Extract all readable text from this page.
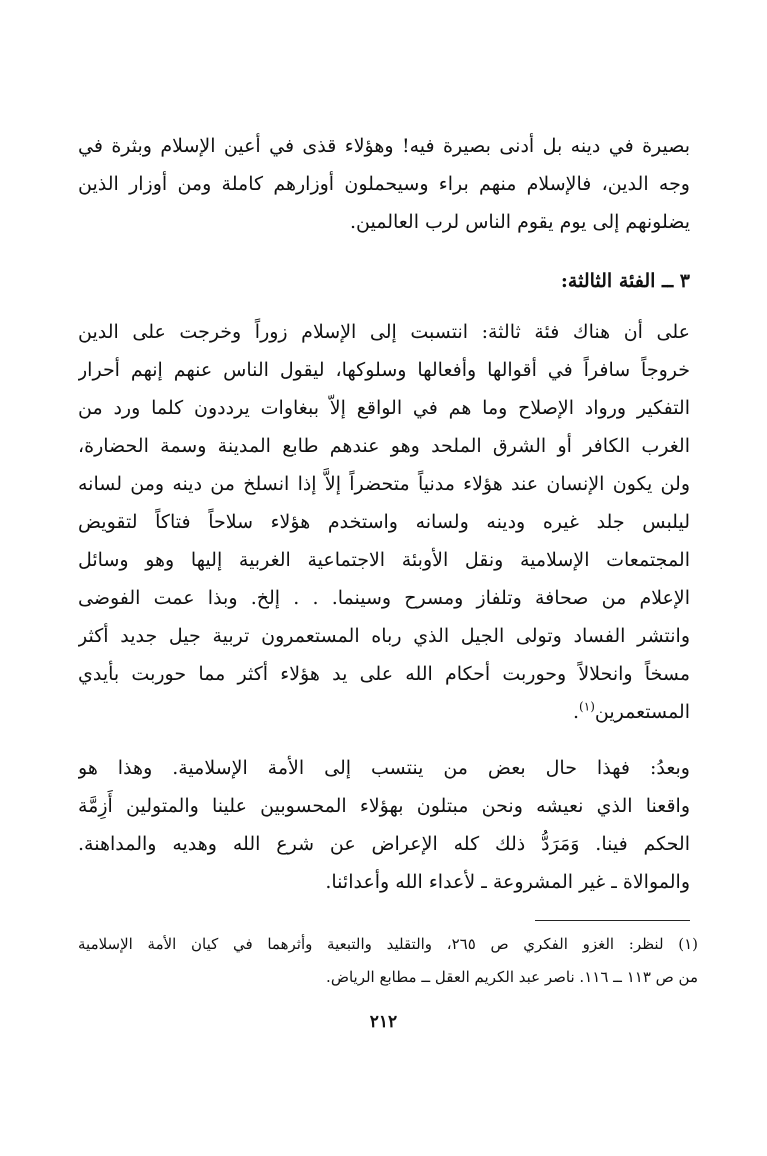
بصيرة في دينه بل أدنى بصيرة فيه! وهؤلاء قذى في أعين الإسلام وبثرة في
وجه الدين، فالإسلام منهم براء وسيحملون أوزارهم كاملة ومن أوزار الذين
يضلونهم إلى يوم يقوم الناس لرب العالمين.
٣ ــ الفئة الثالثة:
على أن هناك فئة ثالثة: انتسبت إلى الإسلام زوراً وخرجت على الدين
خروجاً سافراً في أقوالها وأفعالها وسلوكها، ليقول الناس عنهم إنهم أحرار
التفكير ورواد الإصلاح وما هم في الواقع إلاّ ببغاوات يرددون كلما ورد من
الغرب الكافر أو الشرق الملحد وهو عندهم طابع المدينة وسمة الحضارة،
ولن يكون الإنسان عند هؤلاء مدنياً متحضراً إلاَّ إذا انسلخ من دينه ومن لسانه
ليلبس جلد غيره ودينه ولسانه واستخدم هؤلاء سلاحاً فتاكاً لتقويض
المجتمعات الإسلامية ونقل الأوبئة الاجتماعية الغربية إليها وهو وسائل
الإعلام من صحافة وتلفاز ومسرح وسينما. . . إلخ. وبذا عمت الفوضى
وانتشر الفساد وتولى الجيل الذي رباه المستعمرون تربية جيل جديد أكثر
مسخاً وانحلالاً وحوربت أحكام الله على يد هؤلاء أكثر مما حوربت بأيدي
المستعمرين$^{(١)}$.
وبعدُ: فهذا حال بعض من ينتسب إلى الأمة الإسلامية. وهذا هو
واقعنا الذي نعيشه ونحن مبتلون بهؤلاء المحسوبين علينا والمتولين أَزِمَّة
الحكم فينا. وَمَرَدُّ ذلك كله الإعراض عن شرع الله وهديه والمداهنة.
والموالاة ـ غير المشروعة ـ لأعداء الله وأعدائنا.
(١) لنظر: الغزو الفكري ص ٢٦٥، والتقليد والتبعية وأثرهما في كيان الأمة الإسلامية
من ص ١١٣ ــ ١١٦. ناصر عبد الكريم العقل ــ مطابع الرياض.
٢١٢
